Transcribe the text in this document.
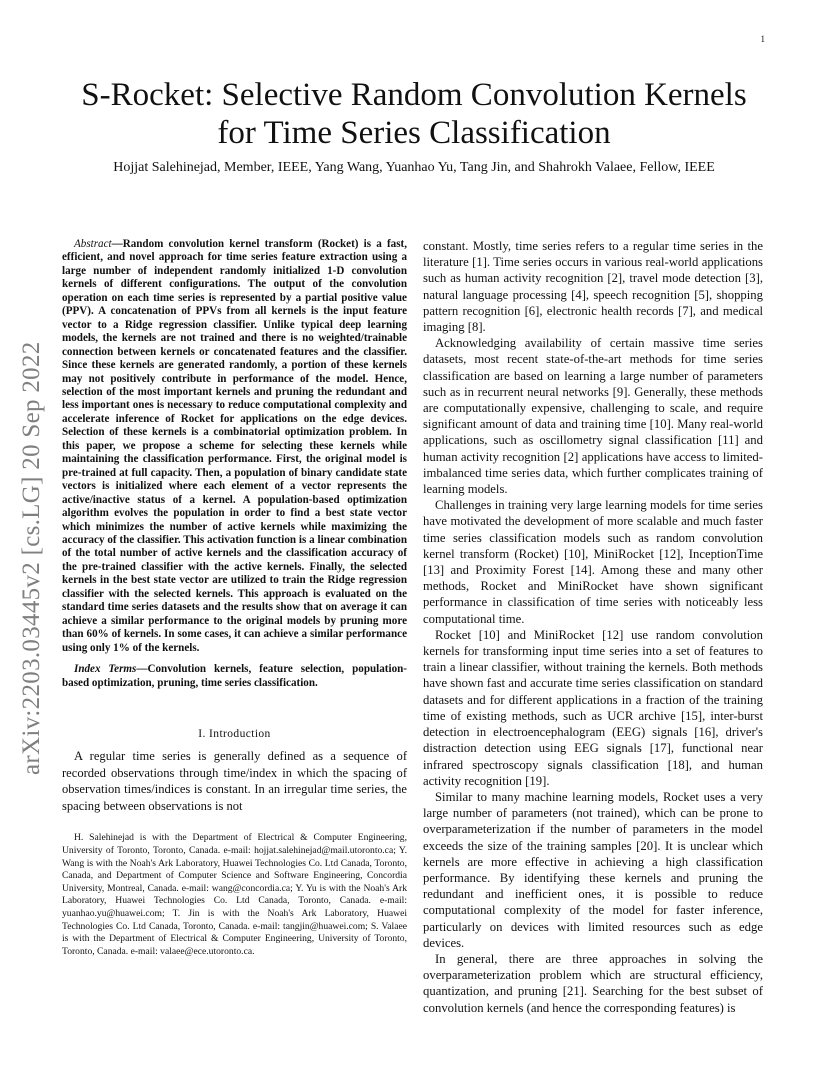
1
arXiv:2203.03445v2 [cs.LG] 20 Sep 2022
S-Rocket: Selective Random Convolution Kernels for Time Series Classification
Hojjat Salehinejad, Member, IEEE, Yang Wang, Yuanhao Yu, Tang Jin, and Shahrokh Valaee, Fellow, IEEE

Abstract—Random convolution kernel transform (Rocket) is a fast, efficient, and novel approach for time series feature extraction using a large number of independent randomly initialized 1-D convolution kernels of different configurations. The output of the convolution operation on each time series is represented by a partial positive value (PPV). A concatenation of PPVs from all kernels is the input feature vector to a Ridge regression classifier. Unlike typical deep learning models, the kernels are not trained and there is no weighted/trainable connection between kernels or concatenated features and the classifier. Since these kernels are generated randomly, a portion of these kernels may not positively contribute in performance of the model. Hence, selection of the most important kernels and pruning the redundant and less important ones is necessary to reduce computational complexity and accelerate inference of Rocket for applications on the edge devices. Selection of these kernels is a combinatorial optimization problem. In this paper, we propose a scheme for selecting these kernels while maintaining the classification performance. First, the original model is pre-trained at full capacity. Then, a population of binary candidate state vectors is initialized where each element of a vector represents the active/inactive status of a kernel. A population-based optimization algorithm evolves the population in order to find a best state vector which minimizes the number of active kernels while maximizing the accuracy of the classifier. This activation function is a linear combination of the total number of active kernels and the classification accuracy of the pre-trained classifier with the active kernels. Finally, the selected kernels in the best state vector are utilized to train the Ridge regression classifier with the selected kernels. This approach is evaluated on the standard time series datasets and the results show that on average it can achieve a similar performance to the original models by pruning more than 60% of kernels. In some cases, it can achieve a similar performance using only 1% of the kernels.

Index Terms—Convolution kernels, feature selection, population-based optimization, pruning, time series classification.

I. Introduction

A regular time series is generally defined as a sequence of recorded observations through time/index in which the spacing of observation times/indices is constant. In an irregular time series, the spacing between observations is not

H. Salehinejad is with the Department of Electrical & Computer Engineering, University of Toronto, Toronto, Canada. e-mail: hojjat.salehinejad@mail.utoronto.ca; Y. Wang is with the Noah's Ark Laboratory, Huawei Technologies Co. Ltd Canada, Toronto, Canada, and Department of Computer Science and Software Engineering, Concordia University, Montreal, Canada. e-mail: wang@concordia.ca; Y. Yu is with the Noah's Ark Laboratory, Huawei Technologies Co. Ltd Canada, Toronto, Canada. e-mail: yuanhao.yu@huawei.com; T. Jin is with the Noah's Ark Laboratory, Huawei Technologies Co. Ltd Canada, Toronto, Canada. e-mail: tangjin@huawei.com; S. Valaee is with the Department of Electrical & Computer Engineering, University of Toronto, Toronto, Canada. e-mail: valaee@ece.utoronto.ca.

constant. Mostly, time series refers to a regular time series in the literature [1]. Time series occurs in various real-world applications such as human activity recognition [2], travel mode detection [3], natural language processing [4], speech recognition [5], shopping pattern recognition [6], electronic health records [7], and medical imaging [8].

Acknowledging availability of certain massive time series datasets, most recent state-of-the-art methods for time series classification are based on learning a large number of parameters such as in recurrent neural networks [9]. Generally, these methods are computationally expensive, challenging to scale, and require significant amount of data and training time [10]. Many real-world applications, such as oscillometry signal classification [11] and human activity recognition [2] applications have access to limited-imbalanced time series data, which further complicates training of learning models.

Challenges in training very large learning models for time series have motivated the development of more scalable and much faster time series classification models such as random convolution kernel transform (Rocket) [10], MiniRocket [12], InceptionTime [13] and Proximity Forest [14]. Among these and many other methods, Rocket and MiniRocket have shown significant performance in classification of time series with noticeably less computational time.

Rocket [10] and MiniRocket [12] use random convolution kernels for transforming input time series into a set of features to train a linear classifier, without training the kernels. Both methods have shown fast and accurate time series classification on standard datasets and for different applications in a fraction of the training time of existing methods, such as UCR archive [15], inter-burst detection in electroencephalogram (EEG) signals [16], driver's distraction detection using EEG signals [17], functional near infrared spectroscopy signals classification [18], and human activity recognition [19].

Similar to many machine learning models, Rocket uses a very large number of parameters (not trained), which can be prone to overparameterization if the number of parameters in the model exceeds the size of the training samples [20]. It is unclear which kernels are more effective in achieving a high classification performance. By identifying these kernels and pruning the redundant and inefficient ones, it is possible to reduce computational complexity of the model for faster inference, particularly on devices with limited resources such as edge devices.

In general, there are three approaches in solving the overparameterization problem which are structural efficiency, quantization, and pruning [21]. Searching for the best subset of convolution kernels (and hence the corresponding features) is
